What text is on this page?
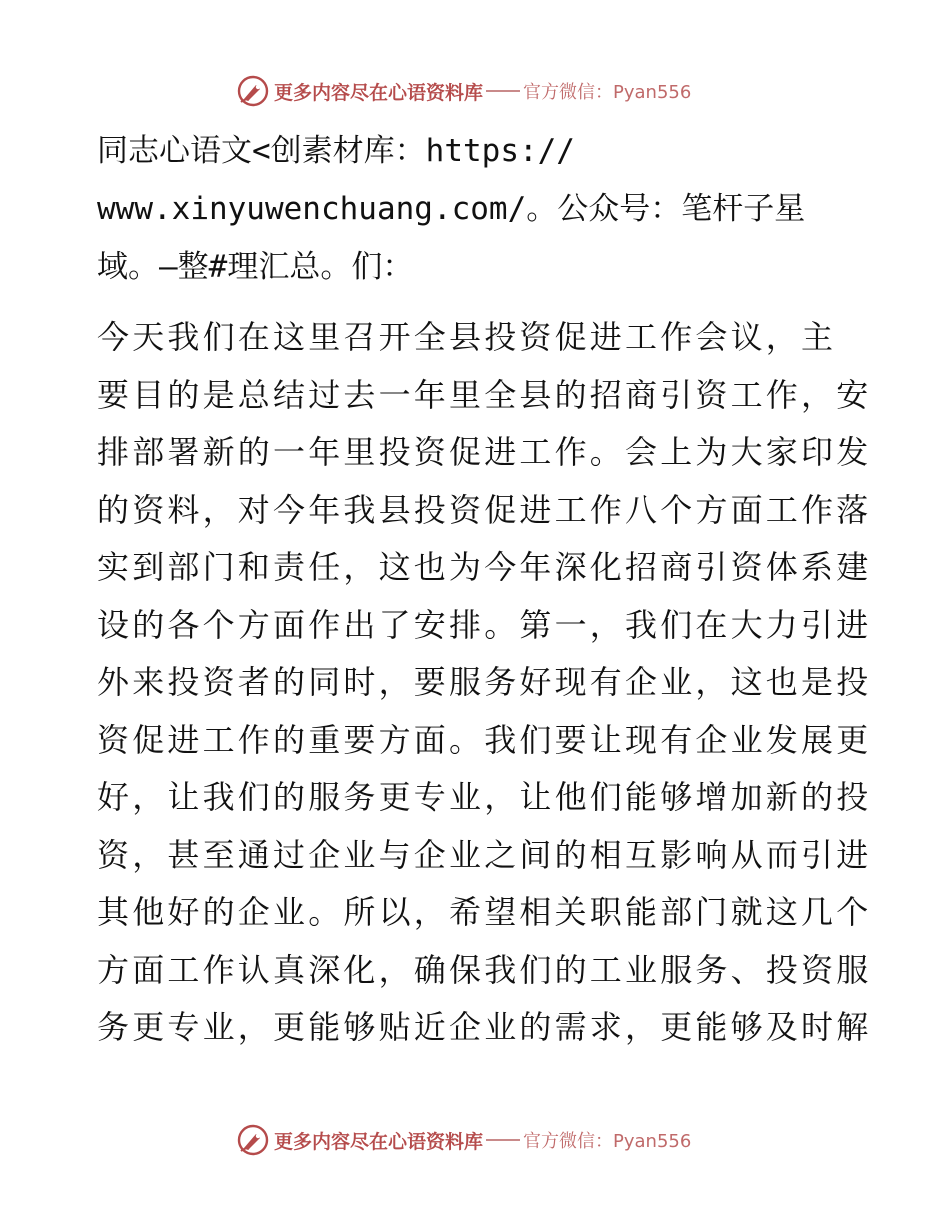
更多内容尽在心语资料库 官方微信：Pyan556
同志心语文<创素材库：https://
www.xinyuwenchuang.com/。公众号：笔杆子星
域。—整#理汇总。们：
今天我们在这里召开全县投资促进工作会议，主
要目的是总结过去一年里全县的招商引资工作，安
排部署新的一年里投资促进工作。会上为大家印发
的资料，对今年我县投资促进工作八个方面工作落
实到部门和责任，这也为今年深化招商引资体系建
设的各个方面作出了安排。第一，我们在大力引进
外来投资者的同时，要服务好现有企业，这也是投
资促进工作的重要方面。我们要让现有企业发展更
好，让我们的服务更专业，让他们能够增加新的投
资，甚至通过企业与企业之间的相互影响从而引进
其他好的企业。所以，希望相关职能部门就这几个
方面工作认真深化，确保我们的工业服务、投资服
务更专业，更能够贴近企业的需求，更能够及时解
更多内容尽在心语资料库 官方微信：Pyan556
